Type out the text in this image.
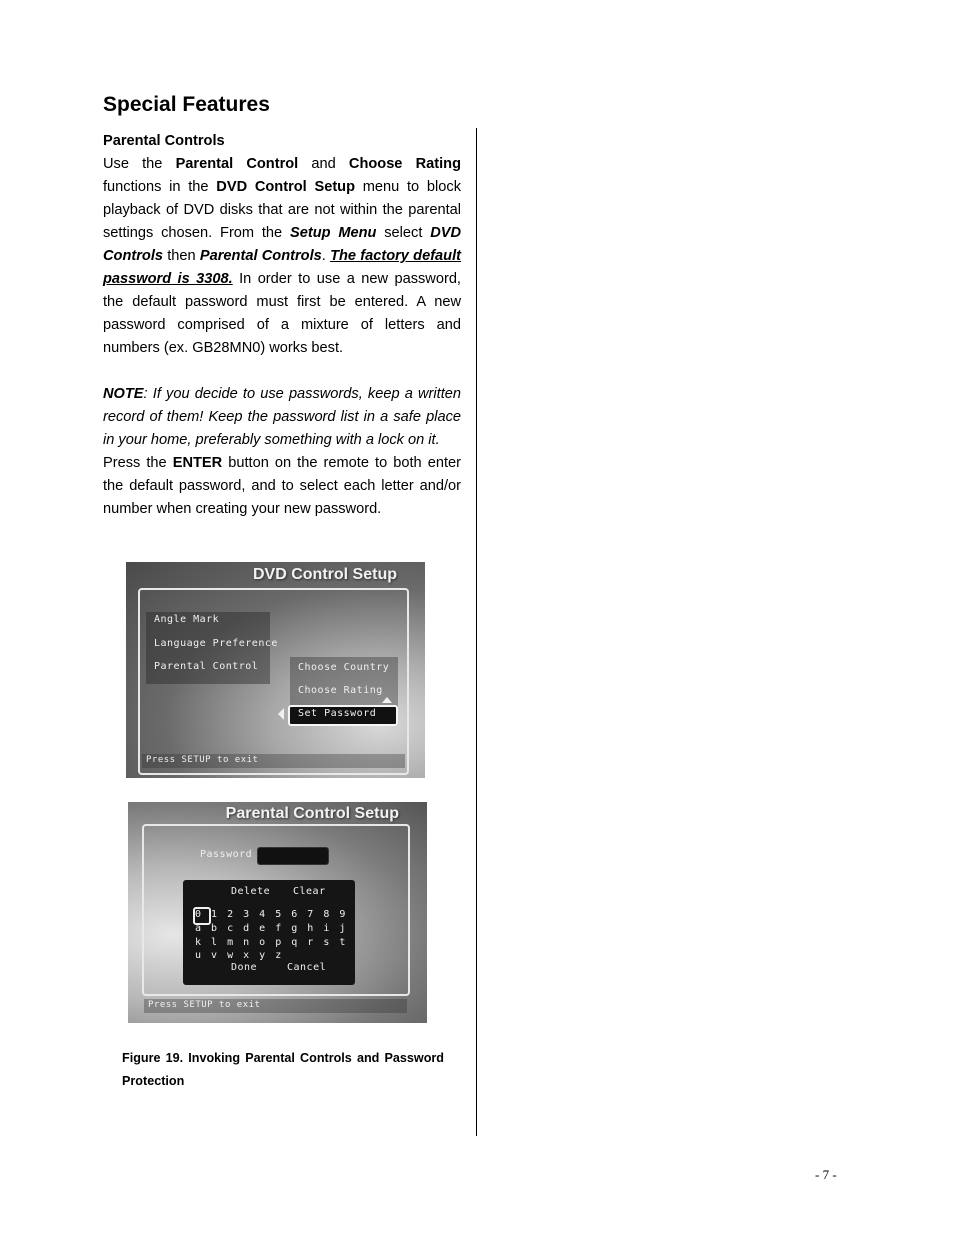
Special Features

Parental Controls

Use the Parental Control and Choose Rating functions in the DVD Control Setup menu to block playback of DVD disks that are not within the parental settings chosen. From the Setup Menu select DVD Controls then Parental Controls. The factory default password is 3308. In order to use a new password, the default password must first be entered. A new password comprised of a mixture of letters and numbers (ex. GB28MN0) works best.

NOTE: If you decide to use passwords, keep a written record of them! Keep the password list in a safe place in your home, preferably something with a lock on it.

Press the ENTER button on the remote to both enter the default password, and to select each letter and/or number when creating your new password.

DVD Control Setup
Angle Mark
Language Preference
Parental Control	Choose Country
Choose Rating
Set Password
Press SETUP to exit
Parental Control Setup
Password
Delete Clear
0 1 2 3 4 5 6 7 8 9
a b c d e f g h i j
k l m n o p q r s t
u v w x y z
Done	Cancel
Press SETUP to exit
Figure 19. Invoking Parental Controls and Password Protection
- 7 -
